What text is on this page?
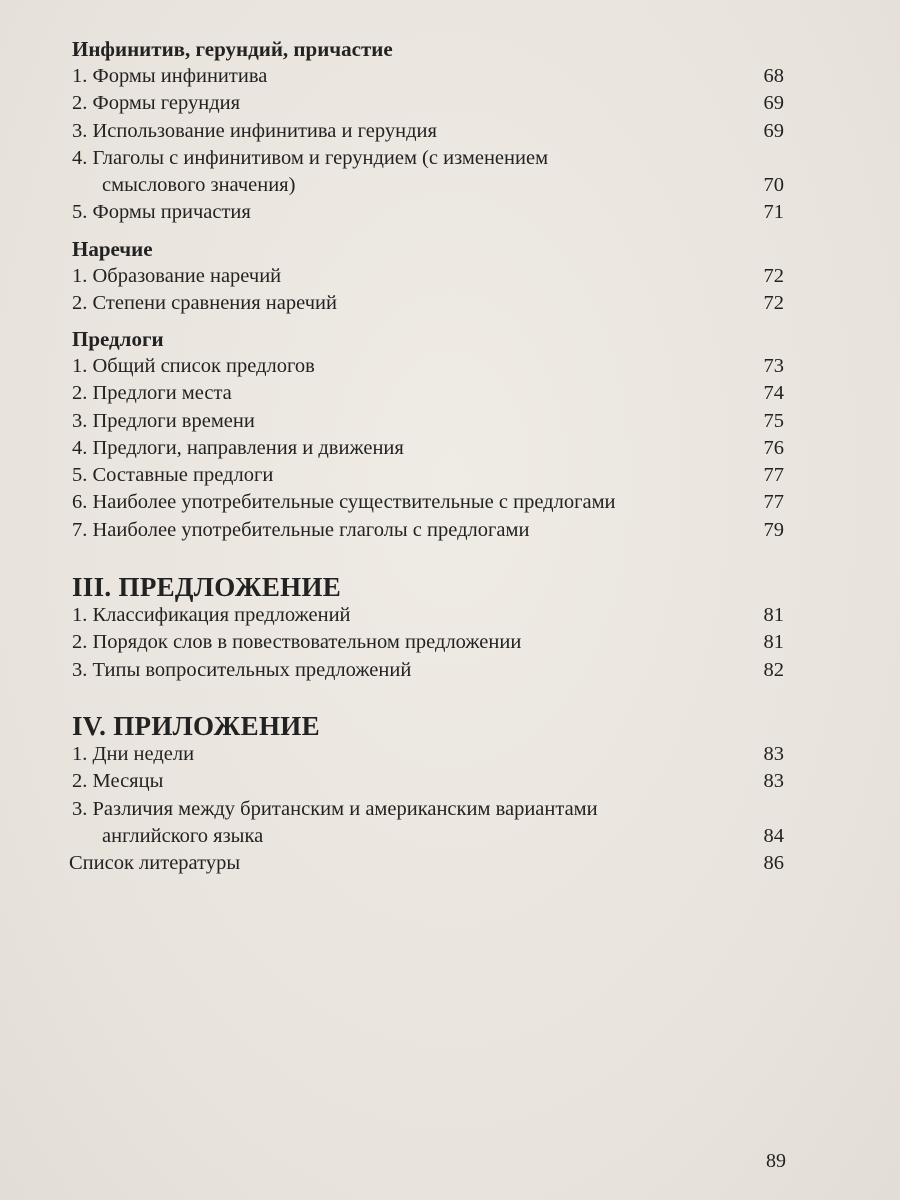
Инфинитив, герундий, причастие
1. Формы инфинитива	68
2. Формы герундия	69
3. Использование инфинитива и герундия	69
4. Глаголы с инфинитивом и герундием (с изменением
смыслового значения)	70
5. Формы причастия	71
Наречие
1. Образование наречий	72
2. Степени сравнения наречий	72
Предлоги
1. Общий список предлогов	73
2. Предлоги места	74
3. Предлоги времени	75
4. Предлоги, направления и движения	76
5. Составные предлоги	77
6. Наиболее употребительные существительные с предлогами	77
7. Наиболее употребительные глаголы с предлогами	79
III. ПРЕДЛОЖЕНИЕ
1. Классификация предложений	81
2. Порядок слов в повествовательном предложении	81
3. Типы вопросительных предложений	82
IV. ПРИЛОЖЕНИЕ
1. Дни недели	83
2. Месяцы	83
3. Различия между британским и американским вариантами
английского языка	84
Список литературы	86
89
